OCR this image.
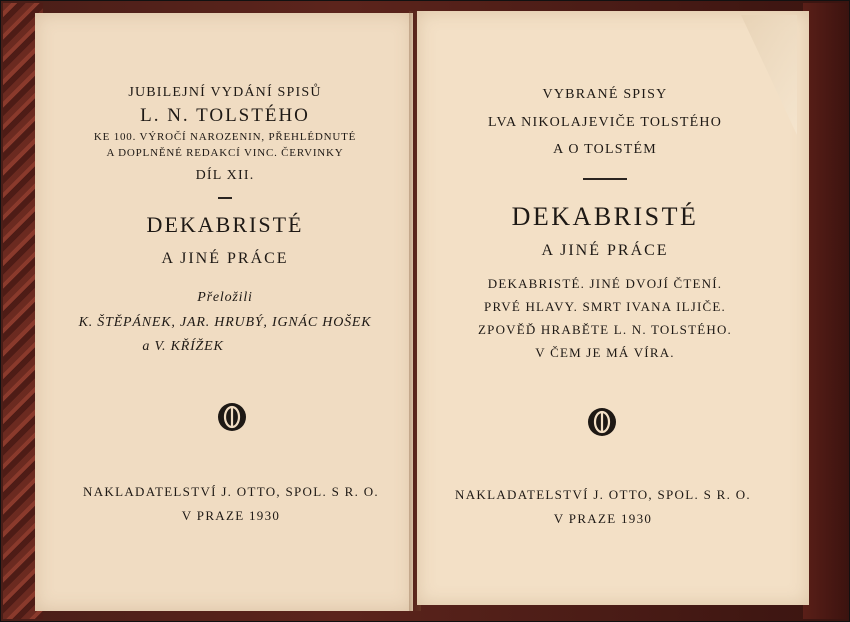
JUBILEJNÍ VYDÁNÍ SPISŮ
L. N. TOLSTÉHO
KE 100. VÝROČÍ NAROZENIN, PŘEHLÉDNUTÉ
A DOPLNĚNÉ REDAKCÍ VINC. ČERVINKY
DÍL XII.
DEKABRISTÉ
A JINÉ PRÁCE
Přeložili
K. ŠTĚPÁNEK, JAR. HRUBÝ, IGNÁC HOŠEK
a V. KŘÍŽEK
NAKLADATELSTVÍ J. OTTO, SPOL. S R. O.
V PRAZE 1930
VYBRANÉ SPISY
LVA NIKOLAJEVIČE TOLSTÉHO
A O TOLSTÉM
DEKABRISTÉ
A JINÉ PRÁCE
DEKABRISTÉ. JINÉ DVOJÍ ČTENÍ.
PRVÉ HLAVY. SMRT IVANA ILJIČE.
ZPOVĚĎ HRABĚTE L. N. TOLSTÉHO.
V ČEM JE MÁ VÍRA.
NAKLADATELSTVÍ J. OTTO, SPOL. S R. O.
V PRAZE 1930
